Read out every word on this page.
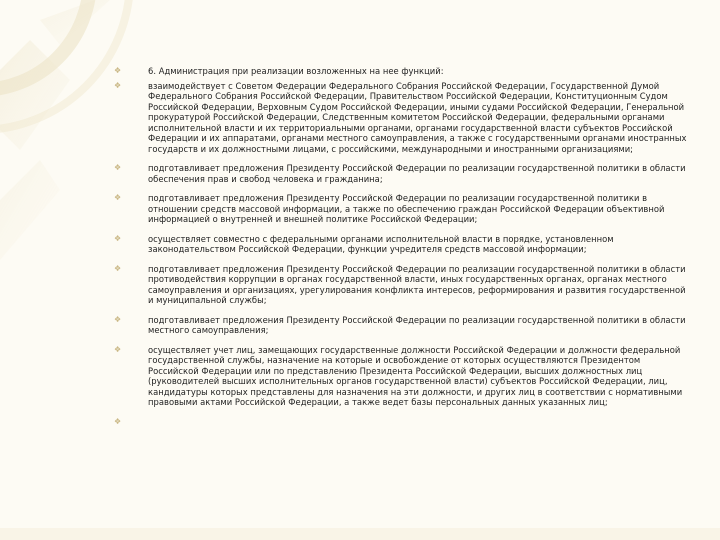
❖	6. Администрация при реализации возложенных на нее функций:
❖	взаимодействует с Советом Федерации Федерального Собрания Российской Федерации, Государственной Думой Федерального Собрания Российской Федерации, Правительством Российской Федерации, Конституционным Судом Российской Федерации, Верховным Судом Российской Федерации, иными судами Российской Федерации, Генеральной прокуратурой Российской Федерации, Следственным комитетом Российской Федерации, федеральными органами исполнительной власти и их территориальными органами, органами государственной власти субъектов Российской Федерации и их аппаратами, органами местного самоуправления, а также с государственными органами иностранных государств и их должностными лицами, с российскими, международными и иностранными организациями;
❖	подготавливает предложения Президенту Российской Федерации по реализации государственной политики в области обеспечения прав и свобод человека и гражданина;
❖	подготавливает предложения Президенту Российской Федерации по реализации государственной политики в отношении средств массовой информации, а также по обеспечению граждан Российской Федерации объективной информацией о внутренней и внешней политике Российской Федерации;
❖	осуществляет совместно с федеральными органами исполнительной власти в порядке, установленном законодательством Российской Федерации, функции учредителя средств массовой информации;
❖	подготавливает предложения Президенту Российской Федерации по реализации государственной политики в области противодействия коррупции в органах государственной власти, иных государственных органах, органах местного самоуправления и организациях, урегулирования конфликта интересов, реформирования и развития государственной и муниципальной службы;
❖	подготавливает предложения Президенту Российской Федерации по реализации государственной политики в области местного самоуправления;
❖	осуществляет учет лиц, замещающих государственные должности Российской Федерации и должности федеральной государственной службы, назначение на которые и освобождение от которых осуществляются Президентом Российской Федерации или по представлению Президента Российской Федерации, высших должностных лиц (руководителей высших исполнительных органов государственной власти) субъектов Российской Федерации, лиц, кандидатуры которых представлены для назначения на эти должности, и других лиц в соответствии с нормативными правовыми актами Российской Федерации, а также ведет базы персональных данных указанных лиц;
❖
